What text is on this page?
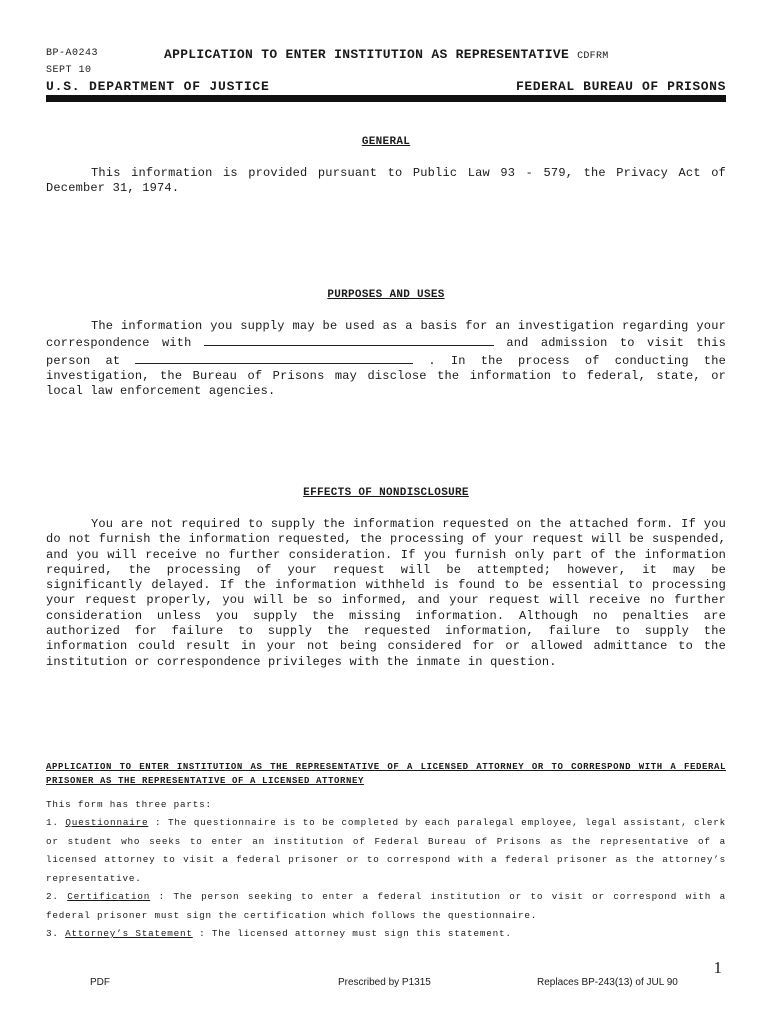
BP-A0243
SEPT 10
APPLICATION TO ENTER INSTITUTION AS REPRESENTATIVE CDFRM
U.S. DEPARTMENT OF JUSTICE	FEDERAL BUREAU OF PRISONS
GENERAL
This information is provided pursuant to Public Law 93 - 579, the Privacy Act of December 31, 1974.
PURPOSES AND USES
The information you supply may be used as a basis for an investigation regarding your correspondence with	and admission to visit this person at	. In the process of conducting the investigation, the Bureau of Prisons may disclose the information to federal, state, or local law enforcement agencies.
EFFECTS OF NONDISCLOSURE
You are not required to supply the information requested on the attached form. If you do not furnish the information requested, the processing of your request will be suspended, and you will receive no further consideration. If you furnish only part of the information required, the processing of your request will be attempted; however, it may be significantly delayed. If the information withheld is found to be essential to processing your request properly, you will be so informed, and your request will receive no further consideration unless you supply the missing information. Although no penalties are authorized for failure to supply the requested information, failure to supply the information could result in your not being considered for or allowed admittance to the institution or correspondence privileges with the inmate in question.
APPLICATION TO ENTER INSTITUTION AS THE REPRESENTATIVE OF A LICENSED ATTORNEY OR TO CORRESPOND WITH A FEDERAL PRISONER AS THE REPRESENTATIVE OF A LICENSED ATTORNEY
This form has three parts:
1. Questionnaire : The questionnaire is to be completed by each paralegal employee, legal assistant, clerk or student who seeks to enter an institution of Federal Bureau of Prisons as the representative of a licensed attorney to visit a federal prisoner or to correspond with a federal prisoner as the attorney’s representative.
2. Certification : The person seeking to enter a federal institution or to visit or correspond with a federal prisoner must sign the certification which follows the questionnaire.
3. Attorney’s Statement : The licensed attorney must sign this statement.
1
PDF	Prescribed by P1315	Replaces BP-243(13) of JUL 90
